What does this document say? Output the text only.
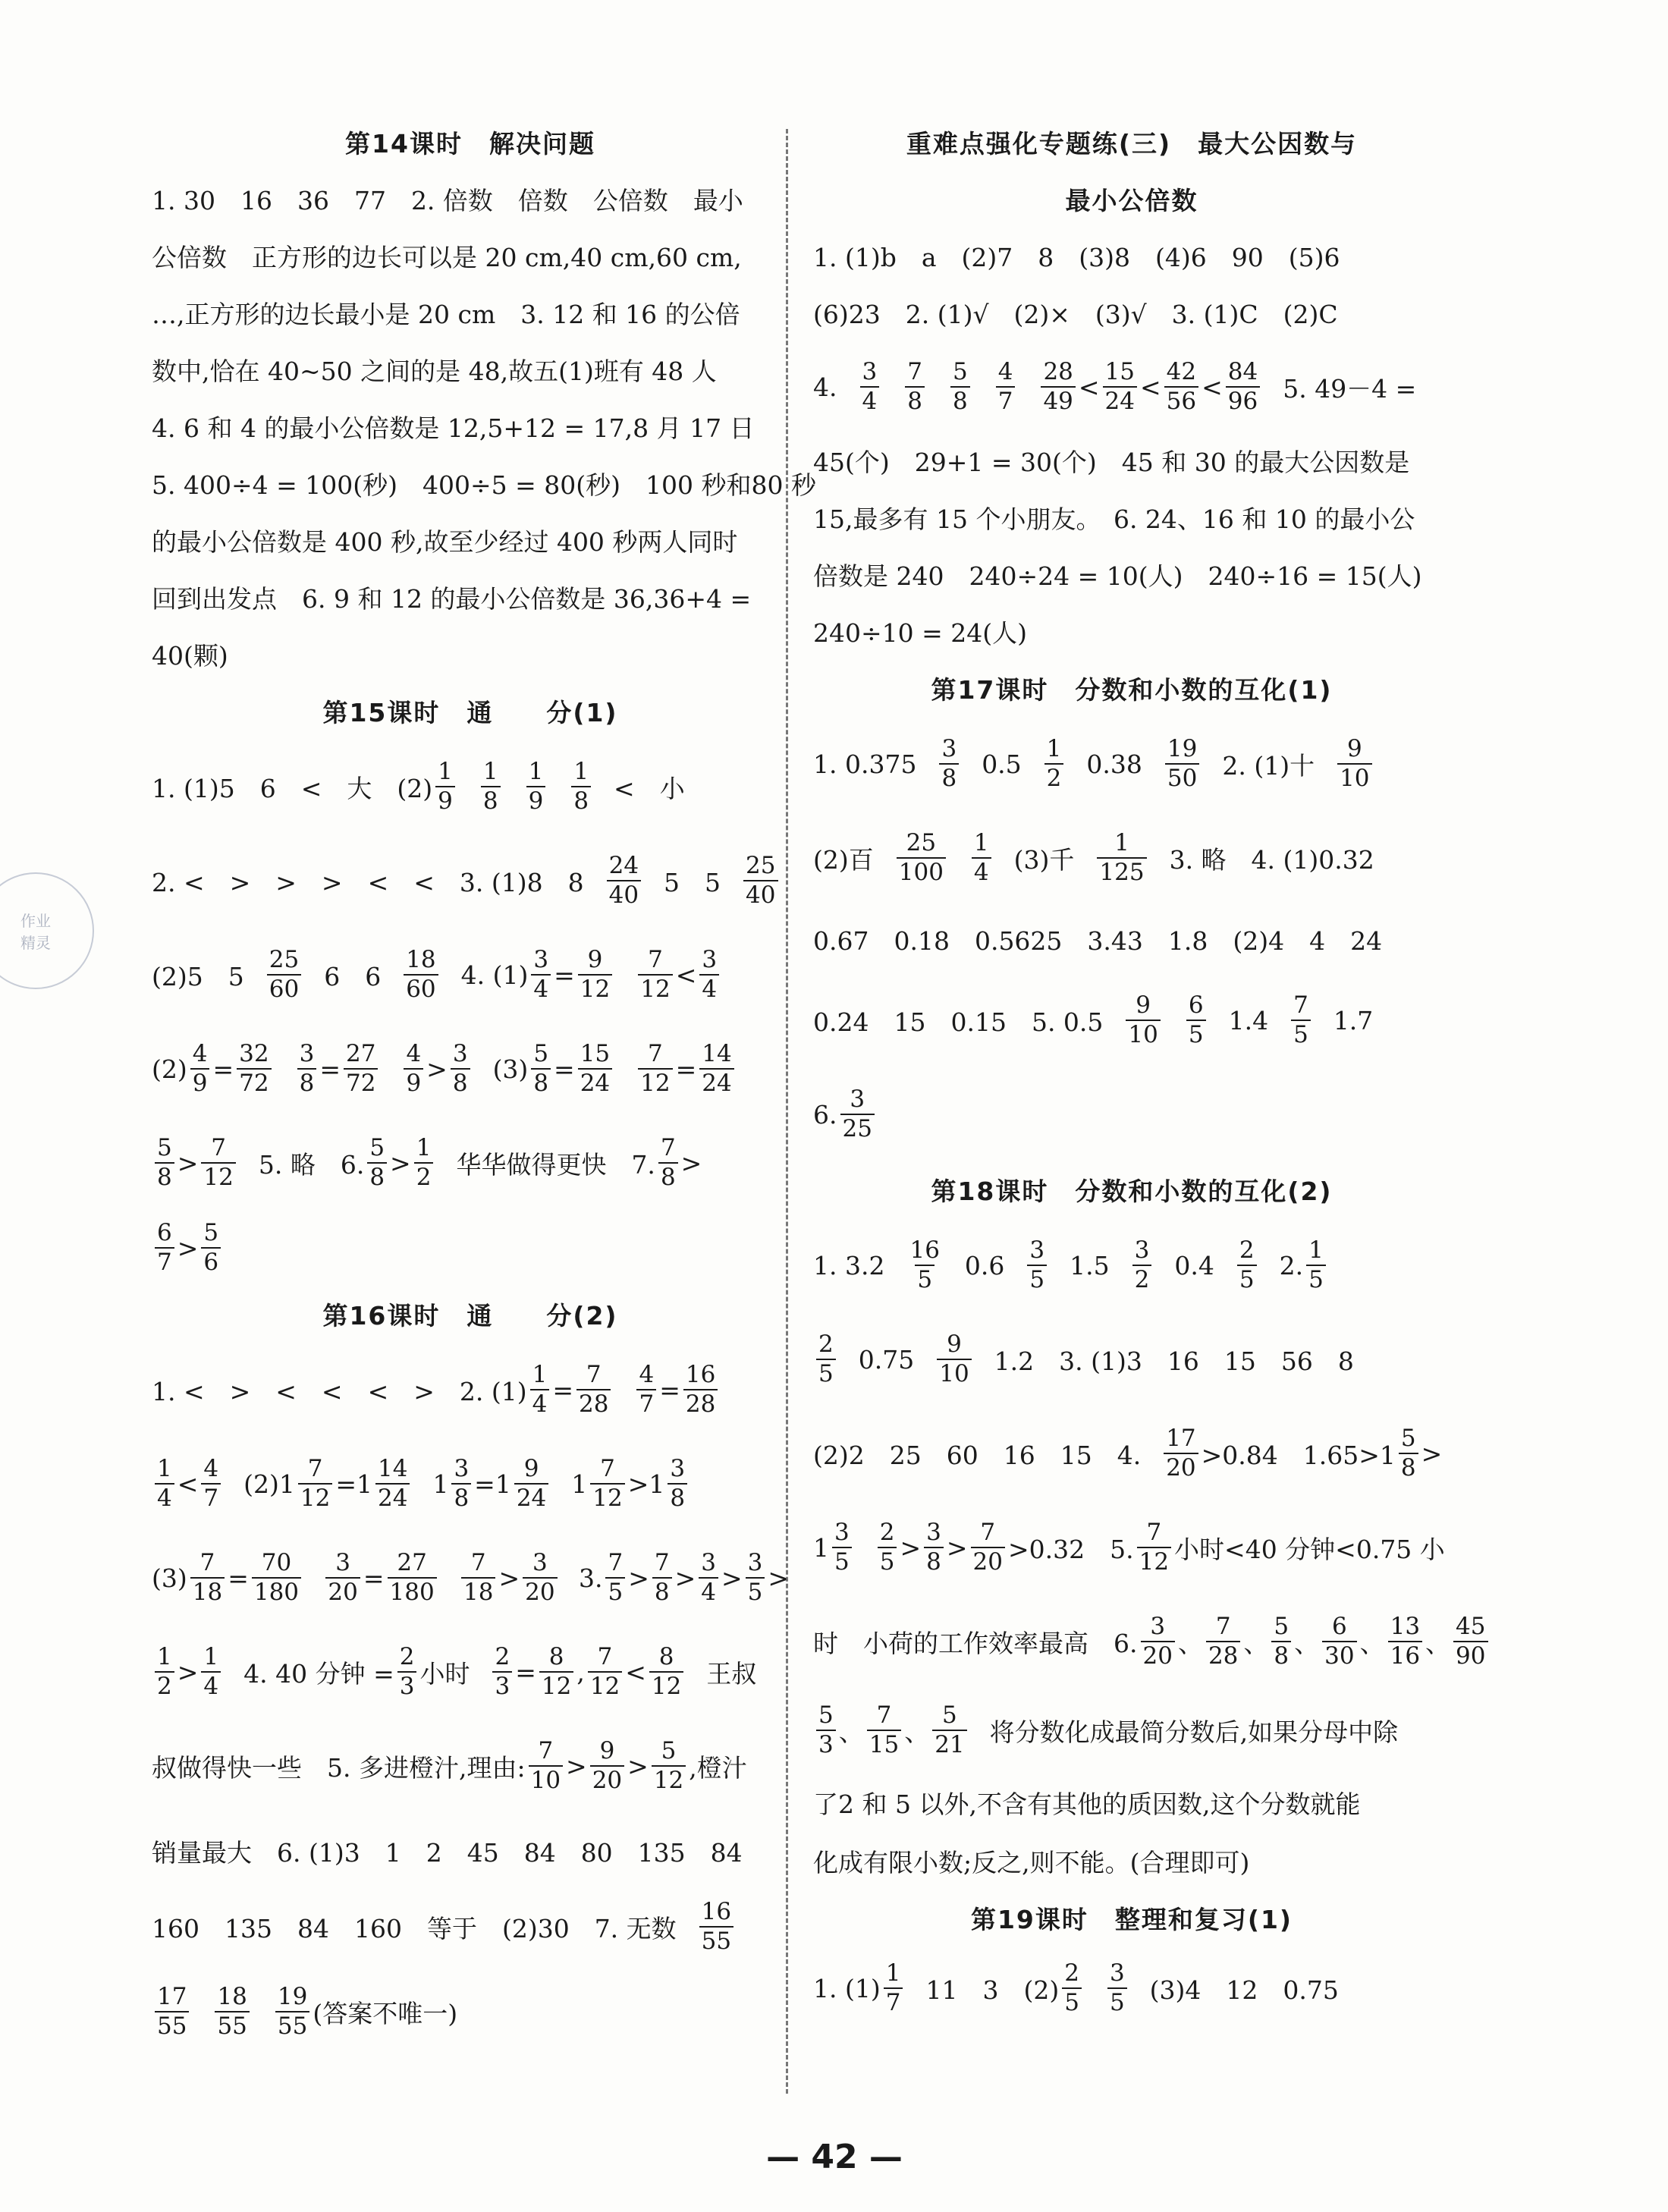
作业
精灵
第14课时　解决问题
1. 30　16　36　77　2. 倍数　倍数　公倍数　最小
公倍数　正方形的边长可以是 20 cm,40 cm,60 cm,
…,正方形的边长最小是 20 cm　3. 12 和 16 的公倍
数中,恰在 40~50 之间的是 48,故五(1)班有 48 人
4. 6 和 4 的最小公倍数是 12,5+12 = 17,8 月 17 日
5. 400÷4 = 100(秒)　400÷5 = 80(秒)　100 秒和80 秒
的最小公倍数是 400 秒,故至少经过 400 秒两人同时
回到出发点　6. 9 和 12 的最小公倍数是 36,36+4 =
40(颗)
第15课时　通　　分(1)
1. (1)5　6　<　大　$(2) \frac{1}{9} \frac{1}{8} \frac{1}{9} \frac{1}{8}$ <　小
2. <　>　>　>　<　<　3. (1)8　$8 \frac{24}{40} 5$　$5 \frac{25}{40}$
(2)5　$5 \frac{25}{60} 6$　$6 \frac{18}{60} 4$. $(1) \frac{3}{4} = \frac{9}{12} \frac{7}{12} < \frac{3}{4}$
$(2) \frac{4}{9} = \frac{32}{72} \frac{3}{8} = \frac{27}{72} \frac{4}{9} > \frac{3}{8} (3) \frac{5}{8} = \frac{15}{24} \frac{7}{12} = \frac{14}{24}$
$\frac{5}{8} > \frac{7}{12} 5$. 略　6. $\frac{5}{8} > \frac{1}{2}$ 华华做得更快　7. $\frac{7}{8}$ >
$\frac{6}{7} > \frac{5}{6}$
第16课时　通　　分(2)
1. <　>　<　<　<　>　2. $(1) \frac{1}{4} = \frac{7}{28} \frac{4}{7} = \frac{16}{28}$
$\frac{1}{4} < \frac{4}{7} (2)1 \frac{7}{12} =1 \frac{14}{24} 1 \frac{3}{8} =1 \frac{9}{24} 1 \frac{7}{12} >1 \frac{3}{8}$
$(3) \frac{7}{18} = \frac{70}{180} \frac{3}{20} = \frac{27}{180} \frac{7}{18} > \frac{3}{20} 3$. $\frac{7}{5} > \frac{7}{8} > \frac{3}{4} > \frac{3}{5}$ >
$\frac{1}{2} > \frac{1}{4} 4$. 40 分钟 = $\frac{2}{3}$ 小时 $\frac{2}{3} = \frac{8}{12}$ , $\frac{7}{12} < \frac{8}{12}$ 王叔
叔做得快一些　5. 多进橙汁,理由: $\frac{7}{10} > \frac{9}{20} > \frac{5}{12}$ ,橙汁
销量最大　6. (1)3　1　2　45　84　80　135　84
160　135　84　160　等于　(2)30　7. 无数 $\frac{16}{55}$
$\frac{17}{55} \frac{18}{55} \frac{19}{55}$ (答案不唯一)
重难点强化专题练(三)　最大公因数与
最小公倍数
1. (1)b　a　(2)7　8　(3)8　(4)6　90　(5)6
(6)23　2. (1)√　(2)×　(3)√　3. (1)C　(2)C
4. $\frac{3}{4} \frac{7}{8} \frac{5}{8} \frac{4}{7} \frac{28}{49} < \frac{15}{24} < \frac{42}{56} < \frac{84}{96} 5$. 49－4 =
45(个)　29+1 = 30(个)　45 和 30 的最大公因数是
15,最多有 15 个小朋友。　6. 24、16 和 10 的最小公
倍数是 240　240÷24 = 10(人)　240÷16 = 15(人)
240÷10 = 24(人)
第17课时　分数和小数的互化(1)
1. $0.375 \frac{3}{8} 0.5 \frac{1}{2} 0.38 \frac{19}{50} 2$. (1)十 $\frac{9}{10}$
(2)百 $\frac{25}{100} \frac{1}{4} (3)$千 $\frac{1}{125} 3$. 略　4. (1)0.32
0.67　0.18　0.5625　3.43　1.8　(2)4　4　24
0.24　15　0.15　5. $0.5 \frac{9}{10} \frac{6}{5} 1.4 \frac{7}{5} 1.7$
6. $\frac{3}{25}$
第18课时　分数和小数的互化(2)
1. $3.2 \frac{16}{5} 0.6 \frac{3}{5} 1.5 \frac{3}{2} 0.4 \frac{2}{5} 2$. $\frac{1}{5}$
$\frac{2}{5} 0.75 \frac{9}{10} 1.2$　3. (1)3　16　15　56　8
(2)2　25　60　16　15　4. $\frac{17}{20} >0.84$　$1.65>1 \frac{5}{8}$ >
$1 \frac{3}{5} \frac{2}{5} > \frac{3}{8} > \frac{7}{20} >0.32$　5. $\frac{7}{12}$ 小时<40 分钟<0.75 小
时　小荷的工作效率最高　6. $\frac{3}{20}$ 、 $\frac{7}{28}$ 、 $\frac{5}{8}$ 、 $\frac{6}{30}$ 、 $\frac{13}{16}$ 、 $\frac{45}{90}$
$\frac{5}{3}$ 、 $\frac{7}{15}$ 、 $\frac{5}{21}$ 将分数化成最简分数后,如果分母中除
了2 和 5 以外,不含有其他的质因数,这个分数就能
化成有限小数;反之,则不能。(合理即可)
第19课时　整理和复习(1)
1. $(1) \frac{1}{7} 11$　3　$(2) \frac{2}{5} \frac{3}{5} (3)4$　12　0.75
— 42 —
